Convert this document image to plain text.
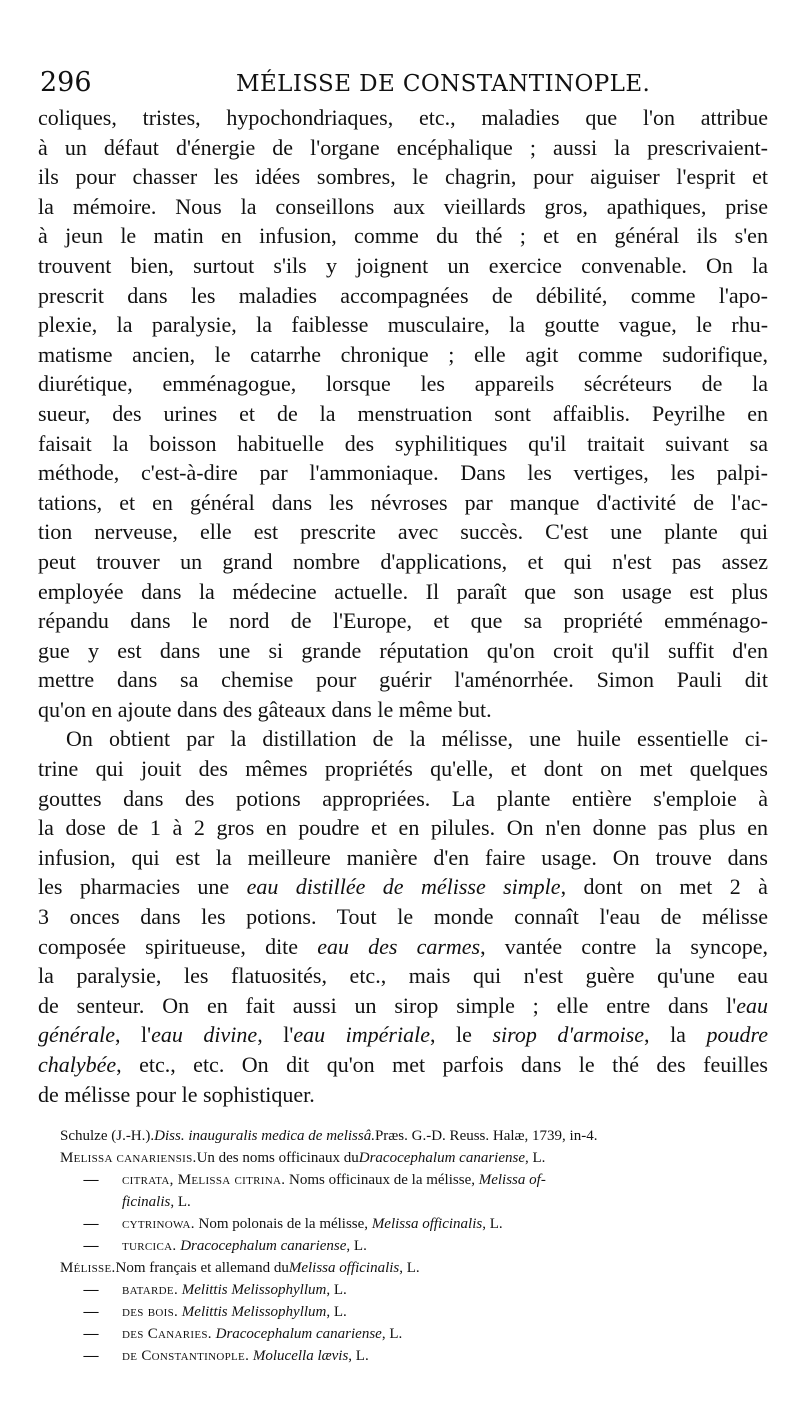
296	MÉLISSE DE CONSTANTINOPLE.

coliques, tristes, hypochondriaques, etc., maladies que l'on attribue
à un défaut d'énergie de l'organe encéphalique ; aussi la prescrivaient-
ils pour chasser les idées sombres, le chagrin, pour aiguiser l'esprit et
la mémoire. Nous la conseillons aux vieillards gros, apathiques, prise
à jeun le matin en infusion, comme du thé ; et en général ils s'en
trouvent bien, surtout s'ils y joignent un exercice convenable. On la
prescrit dans les maladies accompagnées de débilité, comme l'apo-
plexie, la paralysie, la faiblesse musculaire, la goutte vague, le rhu-
matisme ancien, le catarrhe chronique ; elle agit comme sudorifique,
diurétique, emménagogue, lorsque les appareils sécréteurs de la
sueur, des urines et de la menstruation sont affaiblis. Peyrilhe en
faisait la boisson habituelle des syphilitiques qu'il traitait suivant sa
méthode, c'est-à-dire par l'ammoniaque. Dans les vertiges, les palpi-
tations, et en général dans les névroses par manque d'activité de l'ac-
tion nerveuse, elle est prescrite avec succès. C'est une plante qui
peut trouver un grand nombre d'applications, et qui n'est pas assez
employée dans la médecine actuelle. Il paraît que son usage est plus
répandu dans le nord de l'Europe, et que sa propriété emménago-
gue y est dans une si grande réputation qu'on croit qu'il suffit d'en
mettre dans sa chemise pour guérir l'aménorrhée. Simon Pauli dit
qu'on en ajoute dans des gâteaux dans le même but.

On obtient par la distillation de la mélisse, une huile essentielle ci-
trine qui jouit des mêmes propriétés qu'elle, et dont on met quelques
gouttes dans des potions appropriées. La plante entière s'emploie à
la dose de 1 à 2 gros en poudre et en pilules. On n'en donne pas plus en
infusion, qui est la meilleure manière d'en faire usage. On trouve dans
les pharmacies une eau distillée de mélisse simple, dont on met 2 à
3 onces dans les potions. Tout le monde connaît l'eau de mélisse
composée spiritueuse, dite eau des carmes, vantée contre la syncope,
la paralysie, les flatuosités, etc., mais qui n'est guère qu'une eau
de senteur. On en fait aussi un sirop simple ; elle entre dans l'eau
générale, l'eau divine, l'eau impériale, le sirop d'armoise, la poudre
chalybée, etc., etc. On dit qu'on met parfois dans le thé des feuilles
de mélisse pour le sophistiquer.

Schulze (J.-H.). Diss. inauguralis medica de melissâ. Præs. G.-D. Reuss. Halæ, 1739, in-4.
Melissa
canariensis. Un des noms officinaux du Dracocephalum canariense , L.
—	citrata, Melissa citrina. Noms officinaux de la mélisse, Melissa of-
ficinalis, L.
—	cytrinowa. Nom polonais de la mélisse, Melissa officinalis, L.
—	turcica. Dracocephalum canariense, L.
Mélisse. Nom français et allemand du Melissa officinalis , L.
—	batarde. Melittis Melissophyllum, L.
—	des bois. Melittis Melissophyllum, L.
—	des Canaries. Dracocephalum canariense, L.
—	de Constantinople. Molucella lævis, L.
